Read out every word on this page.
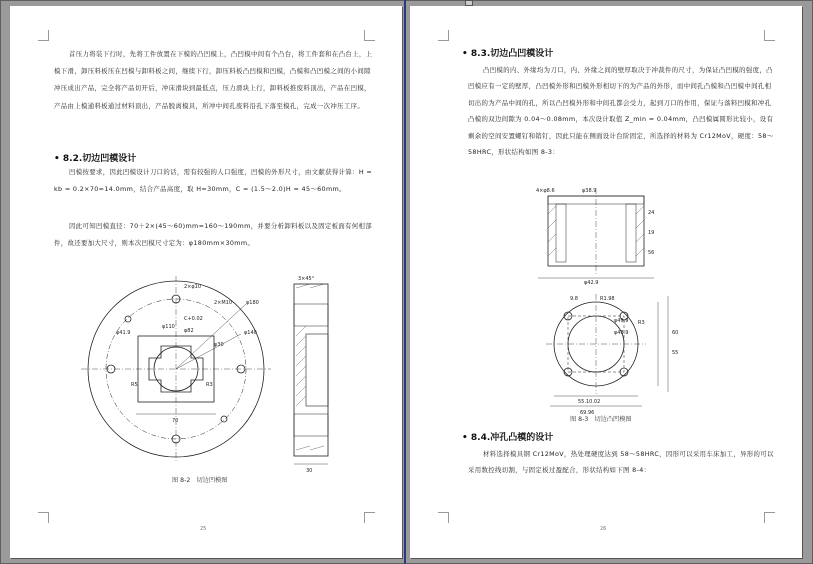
首压力将装下行时，先将工件放置在下模的凸凹模上，凸凹模中间有个凸台，将工件套和在凸台上，上模下滑，卸压料板压在凹模与卸料板之间，继续下行，卸压料板凸凹模和凹模，凸模和凸凹模之间的小间隙冲压成出产品，完全将产品切开后，冲床滑块到最低点，压力滑块上行，卸料板推废料顶出，产品在凹模，产品由上模通料板通过材料顶出，产品脱离模具，所冲中间孔废料沿孔下落至模孔，完成一次冲压工序。
• 8.2.切边凹模设计
凹模按要求，因此凹模设计刀口的话，需有较强的人口强度，凹模的外形尺寸，由文献获得计算：H = kb = 0.2×70=14.0mm，结合产品高度，取 H=30mm，C = (1.5～2.0)H = 45～60mm。
因此可知凹模直径：70＋2×(45～60)mm=160～190mm，并要分析卸料板以及固定板面有何相部件，故还要加大尺寸，则本次凹模尺寸定为：φ180mm×30mm。
2×φ10
2×M10	φ180
φ140
φ110
φ82
φ41.9
φ30
C+0.02
70
R3
R5
30
3×45°
图 8-2　切边凹模图
25
• 8.3.切边凸凹模设计
凸凹模的内、外缘均为刀口，内、外缘之间的壁厚取决于冲裁件的尺寸，为保证凸凹模的强度，凸凹模应有一定的壁厚，凸凹模外形和凹模外形相切下的为产品的外形，而中间孔凸模和凸凹模中间孔相切出的为产品中间的孔，所以凸凹模外形和中间孔都会受力，起到刀口的作用，保证与落料凹模和冲孔凸模的双边间隙为 0.04～0.08mm，本次设计取值 Z_min = 0.04mm，凸凹模属圆形比较小，设有剩余的空间安置螺钉和销钉，因此只能在侧面设计台阶固定，所选择的材料为 Cr12MoV，硬度：58～58HRC，形状结构如图 8-3：
4×φ8.6	φ38.9
φ42.9
24
19
56
9.8	R1.98
φ49.9
φ43.9	60
55
55.10.02
69.96
R3
图 8-3　切边凸凹模图
• 8.4.冲孔凸模的设计
材料选择模具钢 Cr12MoV，热处理硬度达到 58～58HRC，因形可以采用车床加工，异形的可以采用数控线切割，与固定板过盈配合，形状结构如下图 8-4：
26
